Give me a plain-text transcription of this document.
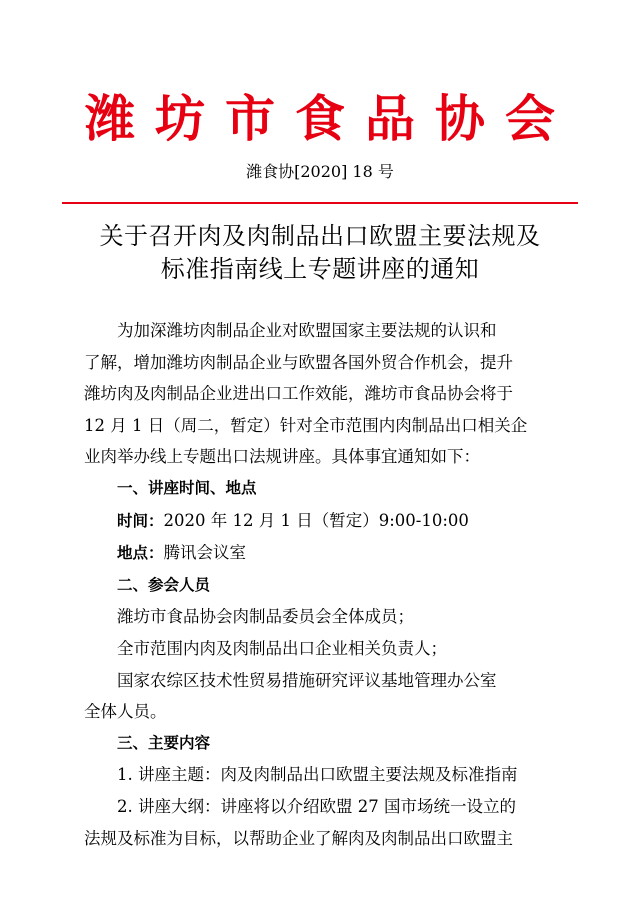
潍坊市食品协会
潍食协[2020] 18 号
关于召开肉及肉制品出口欧盟主要法规及
标准指南线上专题讲座的通知

为加深潍坊肉制品企业对欧盟国家主要法规的认识和

了解，增加潍坊肉制品企业与欧盟各国外贸合作机会，提升

潍坊肉及肉制品企业进出口工作效能，潍坊市食品协会将于

12 月 1 日（周二，暂定）针对全市范围内肉制品出口相关企

业肉举办线上专题出口法规讲座。具体事宜通知如下：

一、讲座时间、地点

时间：2020 年 12 月 1 日（暂定）9:00-10:00

地点：腾讯会议室

二、参会人员

潍坊市食品协会肉制品委员会全体成员；

全市范围内肉及肉制品出口企业相关负责人；

国家农综区技术性贸易措施研究评议基地管理办公室

全体人员。

三、主要内容

1. 讲座主题：肉及肉制品出口欧盟主要法规及标准指南

2. 讲座大纲：讲座将以介绍欧盟 27 国市场统一设立的

法规及标准为目标，以帮助企业了解肉及肉制品出口欧盟主
